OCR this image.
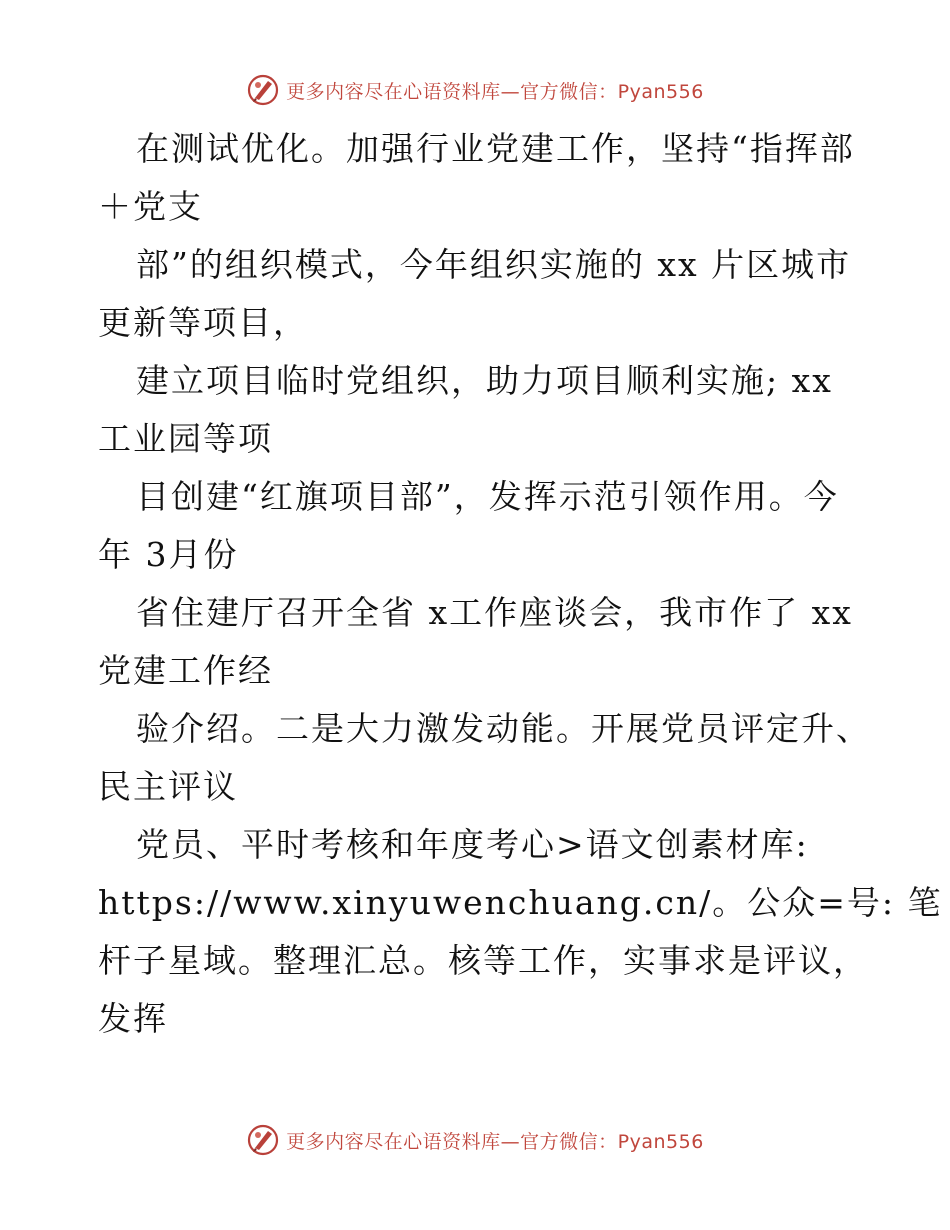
更多内容尽在心语资料库—官方微信：Pyan556
在测试优化。加强行业党建工作，坚持“指挥部
＋党支
部”的组织模式，今年组织实施的 xx 片区城市
更新等项目，
建立项目临时党组织，助力项目顺利实施; xx
工业园等项
目创建“红旗项目部”，发挥示范引领作用。今
年 3月份
省住建厅召开全省 x工作座谈会，我市作了 xx
党建工作经
验介绍。二是大力激发动能。开展党员评定升、
民主评议
党员、平时考核和年度考心>语文创素材库:
https://www.xinyuwenchuang.cn/。公众=号: 笔
杆子星域。整理汇总。核等工作，实事求是评议，
发挥
更多内容尽在心语资料库—官方微信：Pyan556
